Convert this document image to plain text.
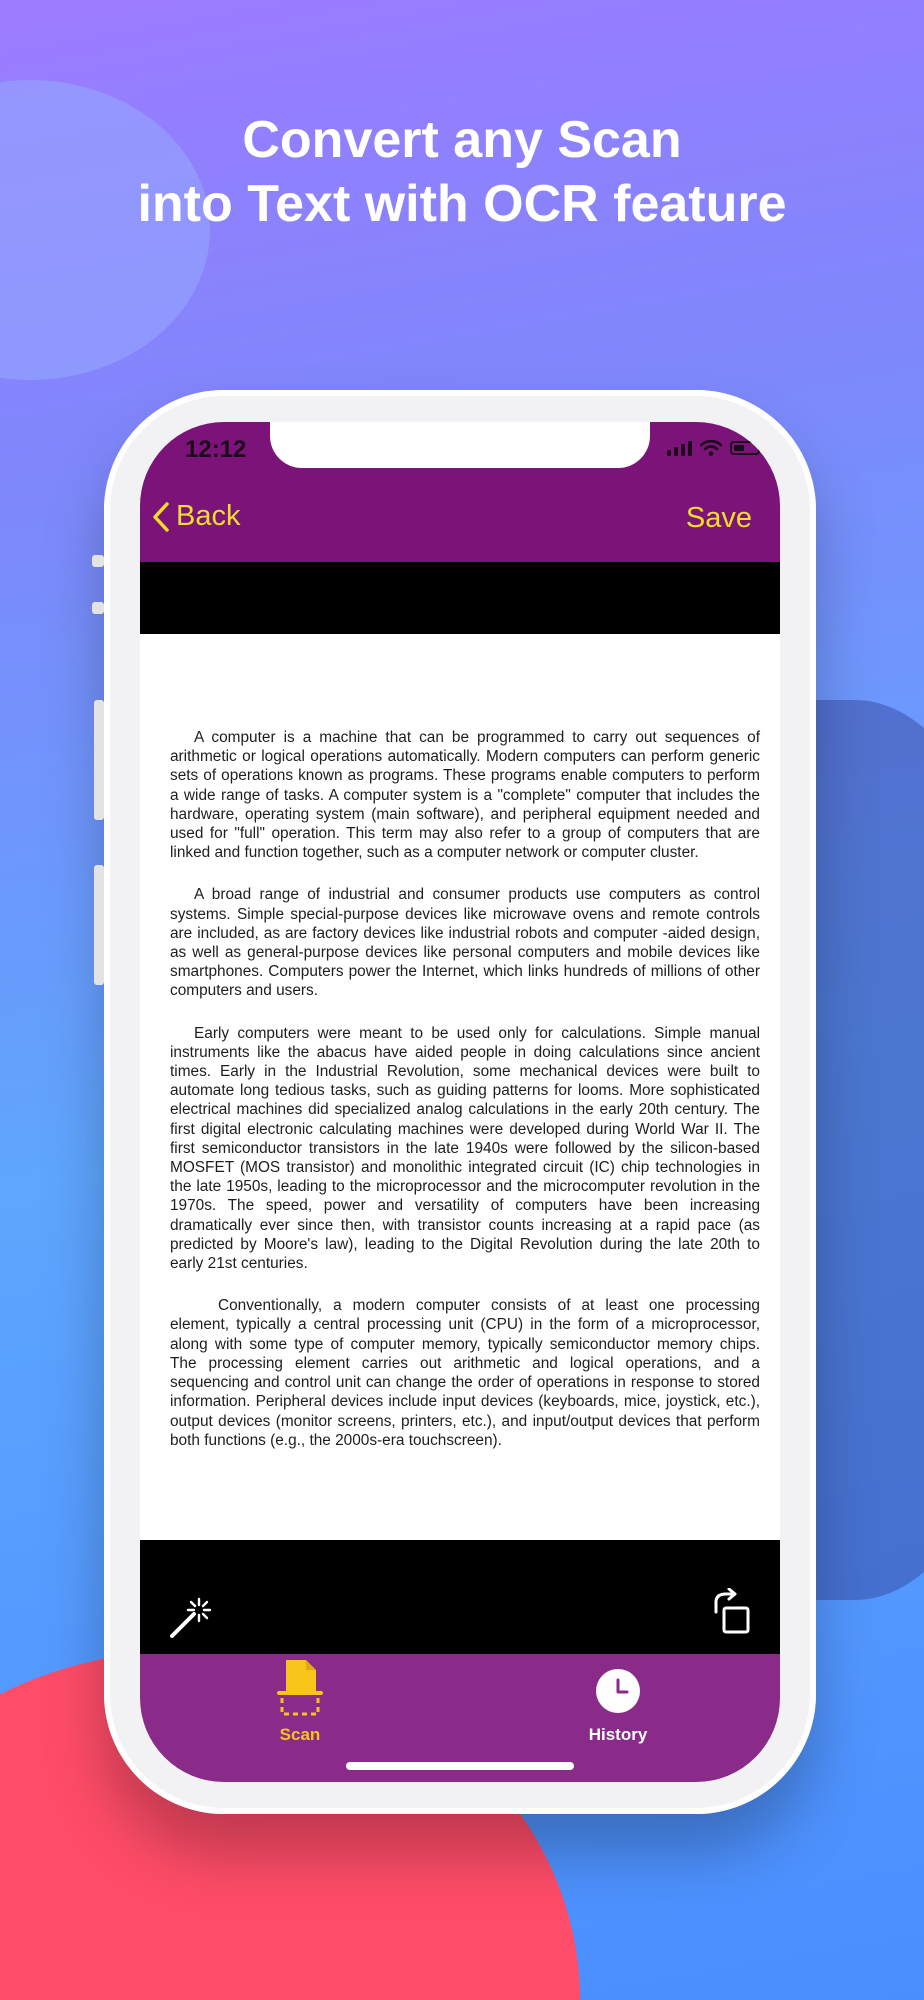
Convert any Scan
into Text with OCR feature
12:12
Back	Save

A computer is a machine that can be programmed to carry out sequences of arithmetic or logical operations automatically. Modern computers can perform generic sets of operations known as programs. These programs enable computers to perform a wide range of tasks. A computer system is a "complete" computer that includes the hardware, operating system (main software), and peripheral equipment needed and used for "full" operation. This term may also refer to a group of computers that are linked and function together, such as a computer network or computer cluster.

A broad range of industrial and consumer products use computers as control systems. Simple special-purpose devices like microwave ovens and remote controls are included, as are factory devices like industrial robots and computer -aided design, as well as general-purpose devices like personal computers and mobile devices like smartphones. Computers power the Internet, which links hundreds of millions of other computers and users.

Early computers were meant to be used only for calculations. Simple manual instruments like the abacus have aided people in doing calculations since ancient times. Early in the Industrial Revolution, some mechanical devices were built to automate long tedious tasks, such as guiding patterns for looms. More sophisticated electrical machines did specialized analog calculations in the early 20th century. The first digital electronic calculating machines were developed during World War II. The first semiconductor transistors in the late 1940s were followed by the silicon-based MOSFET (MOS transistor) and monolithic integrated circuit (IC) chip technologies in the late 1950s, leading to the microprocessor and the microcomputer revolution in the 1970s. The speed, power and versatility of computers have been increasing dramatically ever since then, with transistor counts increasing at a rapid pace (as predicted by Moore's law), leading to the Digital Revolution during the late 20th to early 21st centuries.

Conventionally, a modern computer consists of at least one processing element, typically a central processing unit (CPU) in the form of a microprocessor, along with some type of computer memory, typically semiconductor memory chips. The processing element carries out arithmetic and logical operations, and a sequencing and control unit can change the order of operations in response to stored information. Peripheral devices include input devices (keyboards, mice, joystick, etc.), output devices (monitor screens, printers, etc.), and input/output devices that perform both functions (e.g., the 2000s-era touchscreen).

Scan	History
